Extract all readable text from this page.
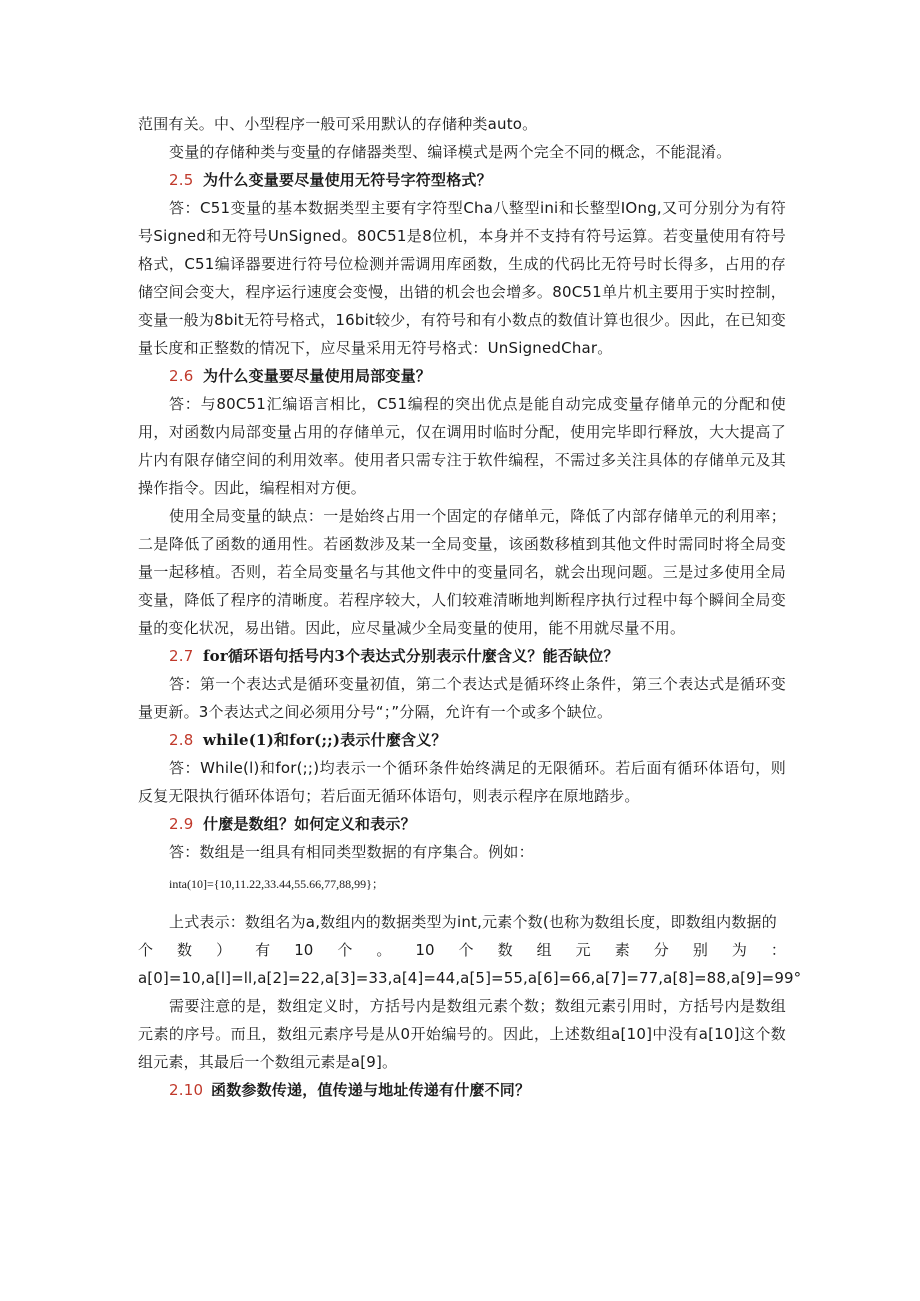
范围有关。中、小型程序一般可采用默认的存储种类auto。

变量的存储种类与变量的存储器类型、编译模式是两个完全不同的概念，不能混淆。

2.5 为什么变量要尽量使用无符号字符型格式？

答：C51变量的基本数据类型主要有字符型Cha八整型ini和长整型IOng,又可分别分为有符号Signed和无符号UnSigned。80C51是8位机，本身并不支持有符号运算。若变量使用有符号格式，C51编译器要进行符号位检测并需调用库函数，生成的代码比无符号时长得多，占用的存储空间会变大，程序运行速度会变慢，出错的机会也会增多。80C51单片机主要用于实时控制，变量一般为8bit无符号格式，16bit较少，有符号和有小数点的数值计算也很少。因此，在已知变量长度和正整数的情况下，应尽量采用无符号格式：UnSignedChar。

2.6 为什么变量要尽量使用局部变量？

答：与80C51汇编语言相比，C51编程的突出优点是能自动完成变量存储单元的分配和使用，对函数内局部变量占用的存储单元，仅在调用时临时分配，使用完毕即行释放，大大提高了片内有限存储空间的利用效率。使用者只需专注于软件编程，不需过多关注具体的存储单元及其操作指令。因此，编程相对方便。

使用全局变量的缺点：一是始终占用一个固定的存储单元，降低了内部存储单元的利用率；二是降低了函数的通用性。若函数涉及某一全局变量，该函数移植到其他文件时需同时将全局变量一起移植。否则，若全局变量名与其他文件中的变量同名，就会出现问题。三是过多使用全局变量，降低了程序的清晰度。若程序较大，人们较难清晰地判断程序执行过程中每个瞬间全局变量的变化状况，易出错。因此，应尽量减少全局变量的使用，能不用就尽量不用。

2.7 for循环语句括号内3个表达式分别表示什麼含义？能否缺位？

答：第一个表达式是循环变量初值，第二个表达式是循环终止条件，第三个表达式是循环变量更新。3个表达式之间必须用分号“；”分隔，允许有一个或多个缺位。

2.8 while(1)和for(;;)表示什麼含义？

答：While(l)和for(;;)均表示一个循环条件始终满足的无限循环。若后面有循环体语句，则反复无限执行循环体语句；若后面无循环体语句，则表示程序在原地踏步。

2.9 什麼是数组？如何定义和表示？

答：数组是一组具有相同类型数据的有序集合。例如：

inta(10]={10,11.22,33.44,55.66,77,88,99}；

上式表示：数组名为a,数组内的数据类型为int,元素个数(也称为数组长度，即数组内数据的

个 数 ） 有 10 个 。 10 个 数 组 元 素 分 别 为 ：

a[0]=10,a[l]=ll,a[2]=22,a[3]=33,a[4]=44,a[5]=55,a[6]=66,a[7]=77,a[8]=88,a[9]=99°

需要注意的是，数组定义时，方括号内是数组元素个数；数组元素引用时，方括号内是数组元素的序号。而且，数组元素序号是从0开始编号的。因此，上述数组a[10]中没有a[10]这个数组元素，其最后一个数组元素是a[9]。

2.10 函数参数传递，值传递与地址传递有什麼不同？
